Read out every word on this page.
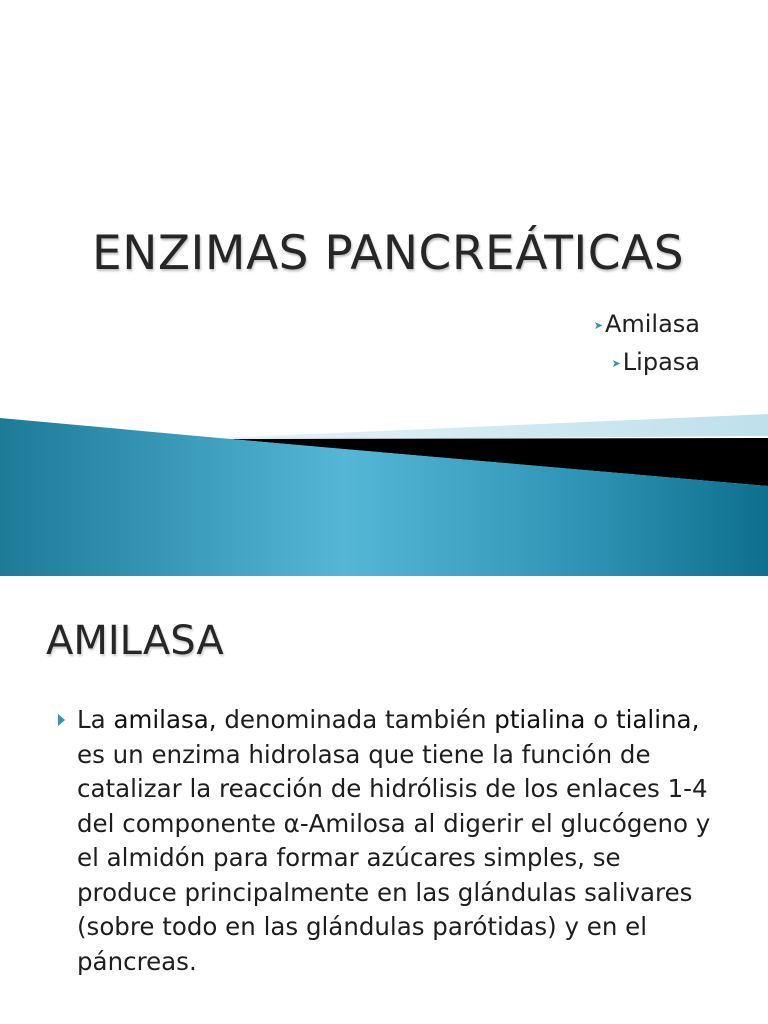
ENZIMAS PANCREÁTICAS
➤Amilasa
➤Lipasa
AMILASA

La amilasa, denominada también ptialina o tialina, es un enzima hidrolasa que tiene la función de catalizar la reacción de hidrólisis de los enlaces 1-4 del componente α-Amilosa al digerir el glucógeno y el almidón para formar azúcares simples, se produce principalmente en las glándulas salivares (sobre todo en las glándulas parótidas) y en el páncreas.
